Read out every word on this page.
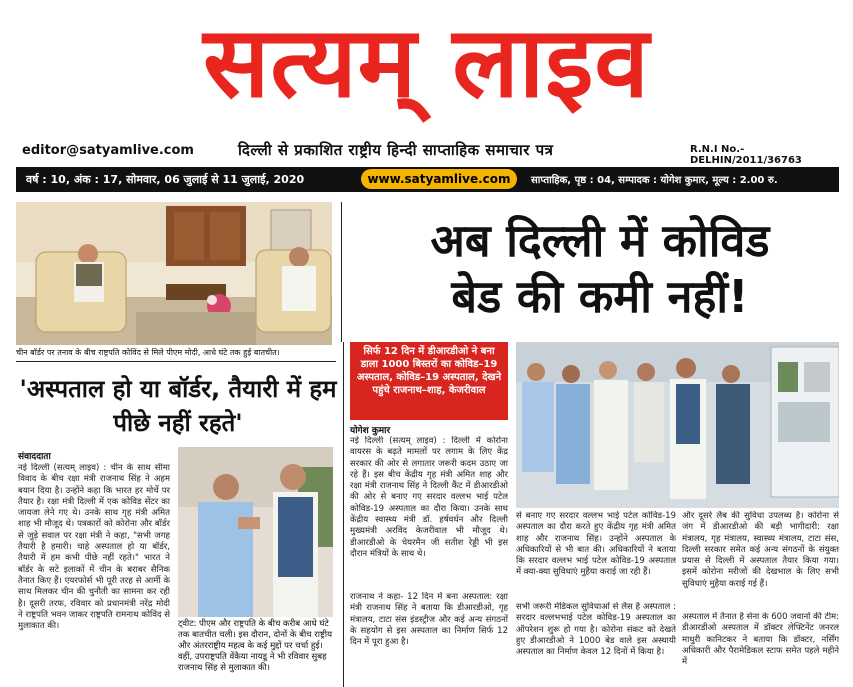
सत्यम् लाइव
editor@satyamlive.com	दिल्ली से प्रकाशित राष्ट्रीय हिन्दी साप्ताहिक समाचार पत्र	R.N.I No.- DELHIN/2011/36763
वर्ष : 10, अंक : 17, सोमवार, 06 जुलाई से 11 जुलाई, 2020	www.satyamlive.com	साप्ताहिक, पृष्ठ : 04, सम्पादक : योगेश कुमार, मूल्य : 2.00 रु.
चीन बॉर्डर पर तनाव के बीच राष्ट्रपति कोविंद से मिले पीएम मोदी, आधे घंटे तक हुई बातचीत।
अब दिल्ली में कोविड
बेड की कमी नहीं!
'अस्पताल हो या बॉर्डर, तैयारी में हम पीछे नहीं रहते'
सिर्फ 12 दिन में डीआरडीओ ने बना डाला 1000 बिस्तरों का कोविड–19 अस्पताल, कोविड–19 अस्पताल, देखने पहुंचे राजनाथ–शाह, केजरीवाल
योगेश कुमार
नई दिल्ली (सत्यम् लाइव) : दिल्ली में कोरोना वायरस के बढ़ते मामलों पर लगाम के लिए केंद्र सरकार की ओर से लगातार जरूरी कदम उठाए जा रहे हैं। इस बीच केंद्रीय गृह मंत्री अमित शाह और रक्षा मंत्री राजनाथ सिंह ने दिल्ली कैंट में डीआरडीओ की ओर से बनाए गए सरदार वल्लभ भाई पटेल कोविड-19 अस्पताल का दौरा किया। उनके साथ केंद्रीय स्वास्थ्य मंत्री डॉ. हर्षवर्धन और दिल्ली मुख्यमंत्री अरविंद केजरीवाल भी मौजूद थे। डीआरडीओ के चेयरमैन जी सतीश रेड्डी भी इस दौरान मंत्रियों के साथ थे।
राजनाथ ने कहा- 12 दिन में बना अस्पताल: रक्षा मंत्री राजनाथ सिंह ने बताया कि डीआरडीओ, गृह मंत्रालय, टाटा संस इंडस्ट्रीज और कई अन्य संगठनों के सहयोग से इस अस्पताल का निर्माण सिर्फ 12 दिन में पूरा हुआ है।
संवाददाता
नई दिल्ली (सत्यम् लाइव) : चीन के साथ सीमा विवाद के बीच रक्षा मंत्री राजनाथ सिंह ने अहम बयान दिया है। उन्होंने कहा कि भारत हर मोर्चे पर तैयार है। रक्षा मंत्री दिल्ली में एक कोविड सेंटर का जायजा लेने गए थे। उनके साथ गृह मंत्री अमित शाह भी मौजूद थे। पत्रकारों को कोरोना और बॉर्डर से जुड़े सवाल पर रक्षा मंत्री ने कहा, "सभी जगह तैयारी है हमारी। चाहे अस्पताल हो या बॉर्डर, तैयारी में हम कभी पीछे नहीं रहते।" भारत ने बॉर्डर के सटे इलाकों में चीन के बराबर सैनिक तैनात किए हैं। एयरफोर्स भी पूरी तरह से आर्मी के साथ मिलकर चीन की चुनौती का सामना कर रही है। दूसरी तरफ, रविवार को प्रधानमंत्री नरेंद्र मोदी ने राष्ट्रपति भवन जाकर राष्ट्रपति रामनाथ कोविंद से मुलाकात की।	ट्वीट: पीएम और राष्ट्रपति के बीच करीब आधे घंटे तक बातचीत चली। इस दौरान, दोनों के बीच राष्ट्रीय और अंतरराष्ट्रीय महत्व के कई मुद्दों पर चर्चा हुई। वहीं, उपराष्ट्रपति वेंकैया नायडू ने भी रविवार सुबह राजनाथ सिंह से मुलाकात की।
से बनाए गए सरदार वल्लभ भाई पटेल कोविड-19 अस्पताल का दौरा करते हुए केंद्रीय गृह मंत्री अमित शाह और राजनाथ सिंह। उन्होंने अस्पताल के अधिकारियों से भी बात की। अधिकारियों ने बताया कि सरदार वल्लभ भाई पटेल कोविड-19 अस्पताल में क्या-क्या सुविधाएं मुहैया कराई जा रही हैं।
सभी जरूरी मेडिकल सुविधाओं से लैस है अस्पताल : सरदार वल्लभभाई पटेल कोविड-19 अस्पताल का ऑपरेशन शुरू हो गया है। कोरोना संकट को देखते हुए डीआरडीओ ने 1000 बेड वाले इस अस्थायी अस्पताल का निर्माण केवल 12 दिनों में किया है।
और दूसरे लैब की सुविधा उपलब्ध है। कोरोना से जंग में डीआरडीओ की बड़ी भागीदारी: रक्षा मंत्रालय, गृह मंत्रालय, स्वास्थ्य मंत्रालय, टाटा संस, दिल्ली सरकार समेत कई अन्य संगठनों के संयुक्त प्रयास से दिल्ली में अस्पताल तैयार किया गया। इसमें कोरोना मरीजों की देखभाल के लिए सभी सुविधाएं मुहैया कराई गई हैं।
अस्पताल में तैनात है सेना के 600 जवानों की टीम: डीआरडीओ अस्पताल में डॉक्टर लेफ्टिनेंट जनरल माधुरी कानिटकर ने बताया कि डॉक्टर, नर्सिंग अधिकारी और पैरामेडिकल स्टाफ समेत पहले महीने में
